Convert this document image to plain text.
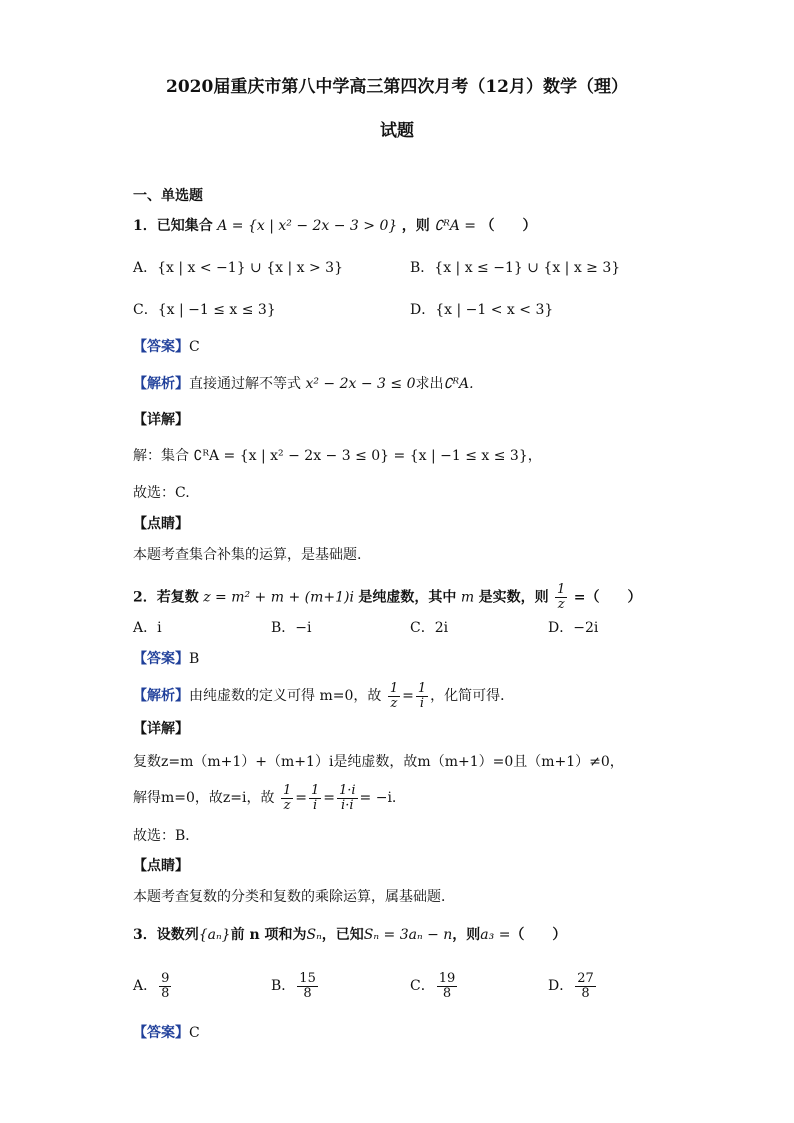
2020届重庆市第八中学高三第四次月考（12月）数学（理）
试题
一、单选题
1．已知集合 A = {x | x² − 2x − 3 > 0} ，则 ∁ᴿA = （　　）
A．{x | x < −1} ∪ {x | x > 3}	B．{x | x ≤ −1} ∪ {x | x ≥ 3}
C．{x | −1 ≤ x ≤ 3}	D．{x | −1 < x < 3}
【答案】C
【解析】直接通过解不等式 x² − 2x − 3 ≤ 0求出∁ᴿA.
【详解】
解：集合 ∁ᴿA = {x | x² − 2x − 3 ≤ 0} = {x | −1 ≤ x ≤ 3}，
故选：C.
【点睛】
本题考查集合补集的运算，是基础题.
2．若复数 z = m² + m + (m+1)i 是纯虚数，其中 m 是实数，则 $\frac{1}{z}$ =（　　）
A．i	B．−i	C．2i	D．−2i
【答案】B
【解析】由纯虚数的定义可得 m=0，故 $\frac{1}{z} = \frac{1}{i}$ ，化简可得．
【详解】
复数z=m（m+1）+（m+1）i是纯虚数，故m（m+1）=0且（m+1）≠0，
解得m=0，故z=i，故 $\frac{1}{z} = \frac{1}{i} = \frac{1\cdot i}{i\cdot i} = -i$.
故选：B．
【点睛】
本题考查复数的分类和复数的乘除运算，属基础题．
3．设数列{aₙ}前 n 项和为Sₙ，已知Sₙ = 3aₙ − n，则a₃ =（　　）
A． $\frac{9}{8}$	B． $\frac{15}{8}$	C． $\frac{19}{8}$	D． $\frac{27}{8}$
【答案】C
